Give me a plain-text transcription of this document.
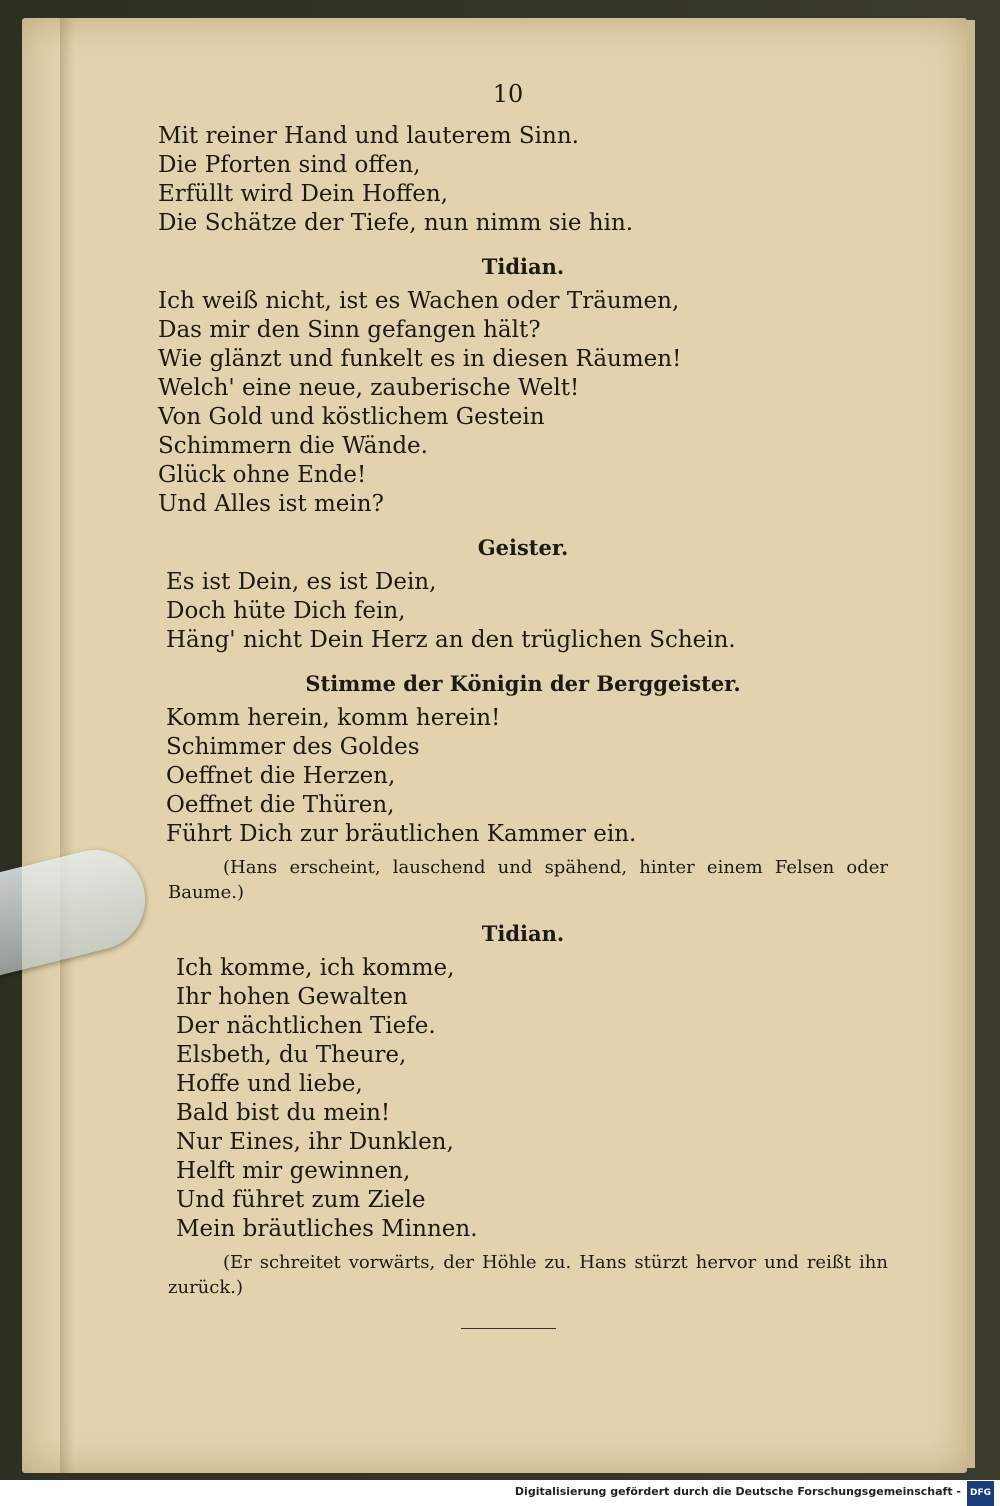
10
Mit reiner Hand und lauterem Sinn.
Die Pforten sind offen,
Erfüllt wird Dein Hoffen,
Die Schätze der Tiefe, nun nimm sie hin.
Tidian.
Ich weiß nicht, ist es Wachen oder Träumen,
Das mir den Sinn gefangen hält?
Wie glänzt und funkelt es in diesen Räumen!
Welch' eine neue, zauberische Welt!
Von Gold und köstlichem Gestein
Schimmern die Wände.
Glück ohne Ende!
Und Alles ist mein?
Geister.
Es ist Dein, es ist Dein,
Doch hüte Dich fein,
Häng' nicht Dein Herz an den trüglichen Schein.
Stimme der Königin der Berggeister.
Komm herein, komm herein!
Schimmer des Goldes
Oeffnet die Herzen,
Oeffnet die Thüren,
Führt Dich zur bräutlichen Kammer ein.
(Hans erscheint, lauschend und spähend, hinter einem Felsen oder Baume.)
Tidian.
Ich komme, ich komme,
Ihr hohen Gewalten
Der nächtlichen Tiefe.
Elsbeth, du Theure,
Hoffe und liebe,
Bald bist du mein!
Nur Eines, ihr Dunklen,
Helft mir gewinnen,
Und führet zum Ziele
Mein bräutliches Minnen.
(Er schreitet vorwärts, der Höhle zu. Hans stürzt hervor und reißt ihn zurück.)
Digitalisierung gefördert durch die Deutsche Forschungsgemeinschaft - DFG
